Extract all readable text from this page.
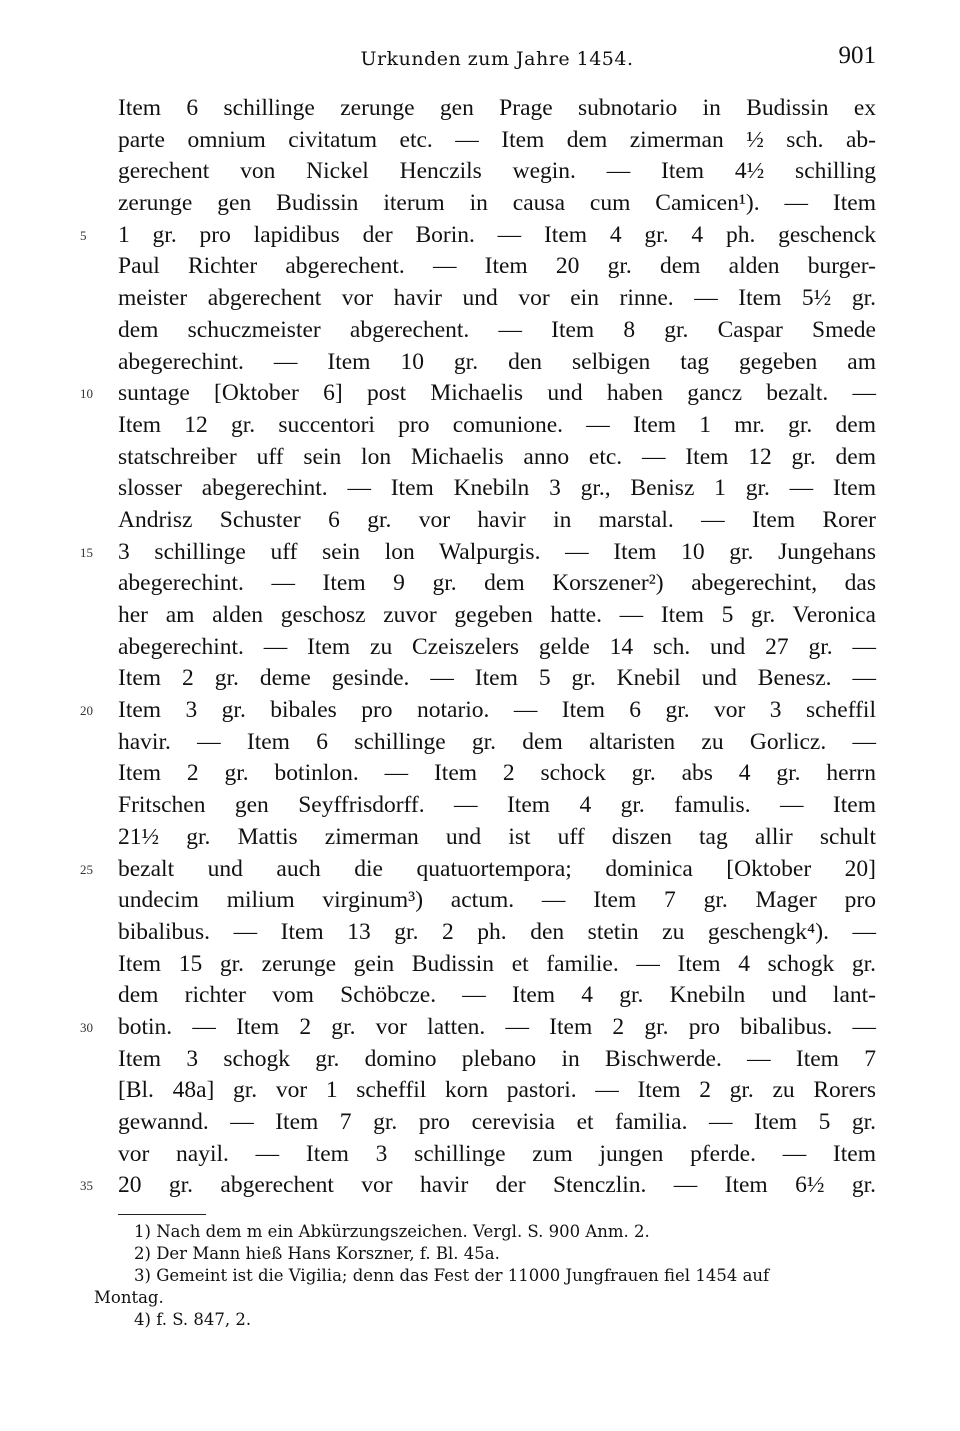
Urkunden zum Jahre 1454.	901
Item 6 schillinge zerunge gen Prage subnotario in Budissin ex
parte omnium civitatum etc. — Item dem zimerman ½ sch. ab-
gerechent von Nickel Henczils wegin. — Item 4½ schilling
zerunge gen Budissin iterum in causa cum Camicen¹). — Item
5	1 gr. pro lapidibus der Borin. — Item 4 gr. 4 ph. geschenck
Paul Richter abgerechent. — Item 20 gr. dem alden burger-
meister abgerechent vor havir und vor ein rinne. — Item 5½ gr.
dem schuczmeister abgerechent. — Item 8 gr. Caspar Smede
abegerechint. — Item 10 gr. den selbigen tag gegeben am
10	suntage [Oktober 6] post Michaelis und haben gancz bezalt. —
Item 12 gr. succentori pro comunione. — Item 1 mr. gr. dem
statschreiber uff sein lon Michaelis anno etc. — Item 12 gr. dem
slosser abegerechint. — Item Knebiln 3 gr., Benisz 1 gr. — Item
Andrisz Schuster 6 gr. vor havir in marstal. — Item Rorer
15	3 schillinge uff sein lon Walpurgis. — Item 10 gr. Jungehans
abegerechint. — Item 9 gr. dem Korszener²) abegerechint, das
her am alden geschosz zuvor gegeben hatte. — Item 5 gr. Veronica
abegerechint. — Item zu Czeiszelers gelde 14 sch. und 27 gr. —
Item 2 gr. deme gesinde. — Item 5 gr. Knebil und Benesz. —
20	Item 3 gr. bibales pro notario. — Item 6 gr. vor 3 scheffil
havir. — Item 6 schillinge gr. dem altaristen zu Gorlicz. —
Item 2 gr. botinlon. — Item 2 schock gr. abs 4 gr. herrn
Fritschen gen Seyffrisdorff. — Item 4 gr. famulis. — Item
21½ gr. Mattis zimerman und ist uff diszen tag allir schult
25	bezalt und auch die quatuortempora; dominica [Oktober 20]
undecim milium virginum³) actum. — Item 7 gr. Mager pro
bibalibus. — Item 13 gr. 2 ph. den stetin zu geschengk⁴). —
Item 15 gr. zerunge gein Budissin et familie. — Item 4 schogk gr.
dem richter vom Schöbcze. — Item 4 gr. Knebiln und lant-
30	botin. — Item 2 gr. vor latten. — Item 2 gr. pro bibalibus. —
Item 3 schogk gr. domino plebano in Bischwerde. — Item 7
[Bl. 48a] gr. vor 1 scheffil korn pastori. — Item 2 gr. zu Rorers
gewannd. — Item 7 gr. pro cerevisia et familia. — Item 5 gr.
vor nayil. — Item 3 schillinge zum jungen pferde. — Item
35	20 gr. abgerechent vor havir der Stenczlin. — Item 6½ gr.
1) Nach dem m ein Abkürzungszeichen. Vergl. S. 900 Anm. 2.
2) Der Mann hieß Hans Korszner, f. Bl. 45a.
3) Gemeint ist die Vigilia; denn das Fest der 11000 Jungfrauen fiel 1454 auf
Montag.
4) f. S. 847, 2.
